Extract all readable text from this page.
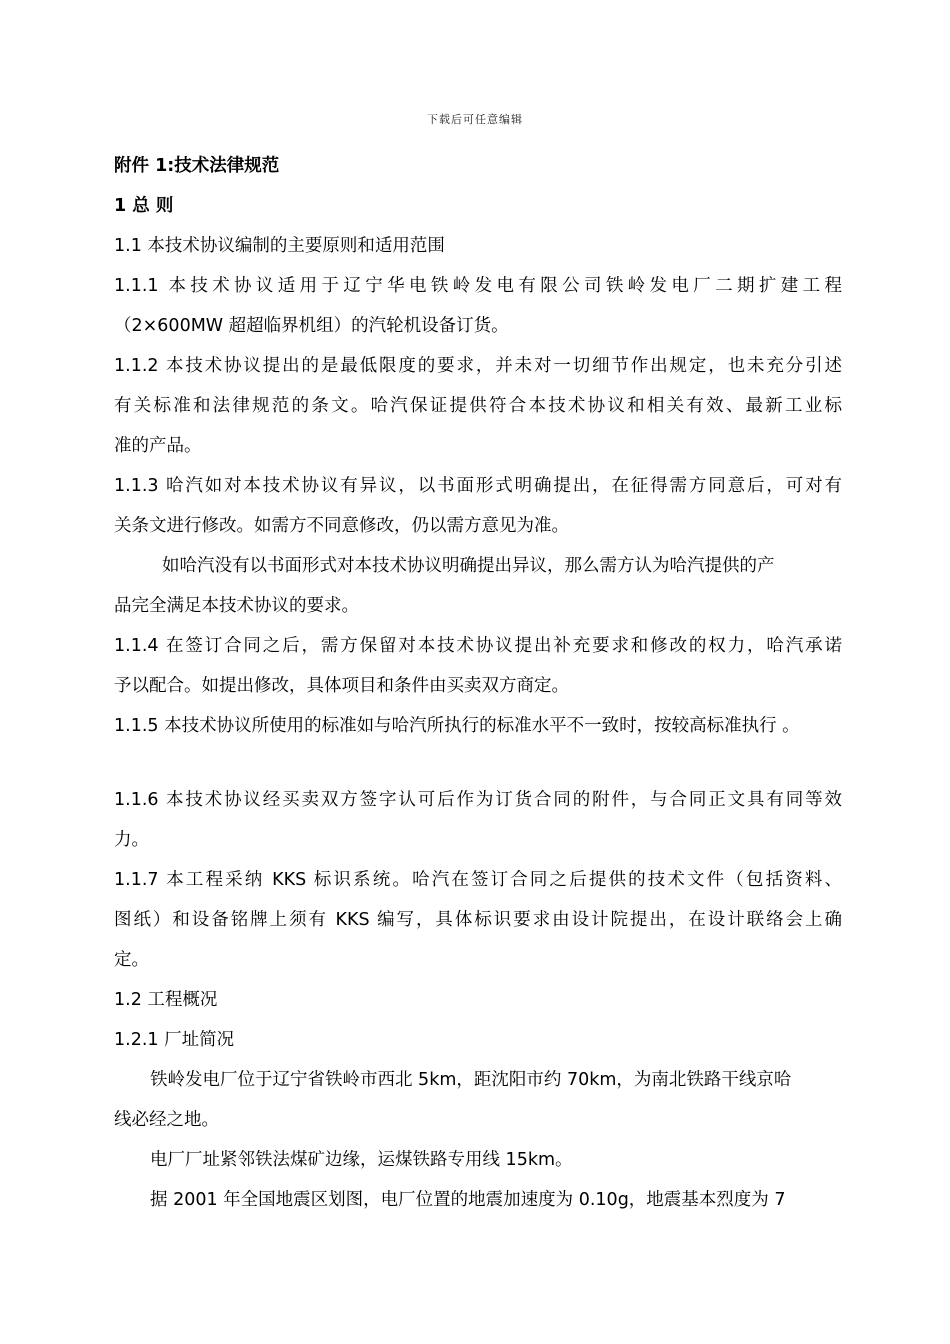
下载后可任意编辑
附件 1:技术法律规范
1 总 则
1.1 本技术协议编制的主要原则和适用范围
1.1.1 本技术协议适用于辽宁华电铁岭发电有限公司铁岭发电厂二期扩建工程
（2×600MW 超超临界机组）的汽轮机设备订货。
1.1.2 本技术协议提出的是最低限度的要求，并未对一切细节作出规定，也未充分引述
有关标准和法律规范的条文。哈汽保证提供符合本技术协议和相关有效、最新工业标
准的产品。
1.1.3 哈汽如对本技术协议有异议，以书面形式明确提出，在征得需方同意后，可对有
关条文进行修改。如需方不同意修改，仍以需方意见为准。
如哈汽没有以书面形式对本技术协议明确提出异议，那么需方认为哈汽提供的产
品完全满足本技术协议的要求。
1.1.4 在签订合同之后，需方保留对本技术协议提出补充要求和修改的权力，哈汽承诺
予以配合。如提出修改，具体项目和条件由买卖双方商定。
1.1.5 本技术协议所使用的标准如与哈汽所执行的标准水平不一致时，按较高标准执行 。
1.1.6 本技术协议经买卖双方签字认可后作为订货合同的附件，与合同正文具有同等效
力。
1.1.7 本工程采纳 KKS 标识系统。哈汽在签订合同之后提供的技术文件（包括资料、
图纸）和设备铭牌上须有 KKS 编写，具体标识要求由设计院提出，在设计联络会上确
定。
1.2 工程概况
1.2.1 厂址简况
铁岭发电厂位于辽宁省铁岭市西北 5km，距沈阳市约 70km，为南北铁路干线京哈
线必经之地。
电厂厂址紧邻铁法煤矿边缘，运煤铁路专用线 15km。
据 2001 年全国地震区划图，电厂位置的地震加速度为 0.10g，地震基本烈度为 7
